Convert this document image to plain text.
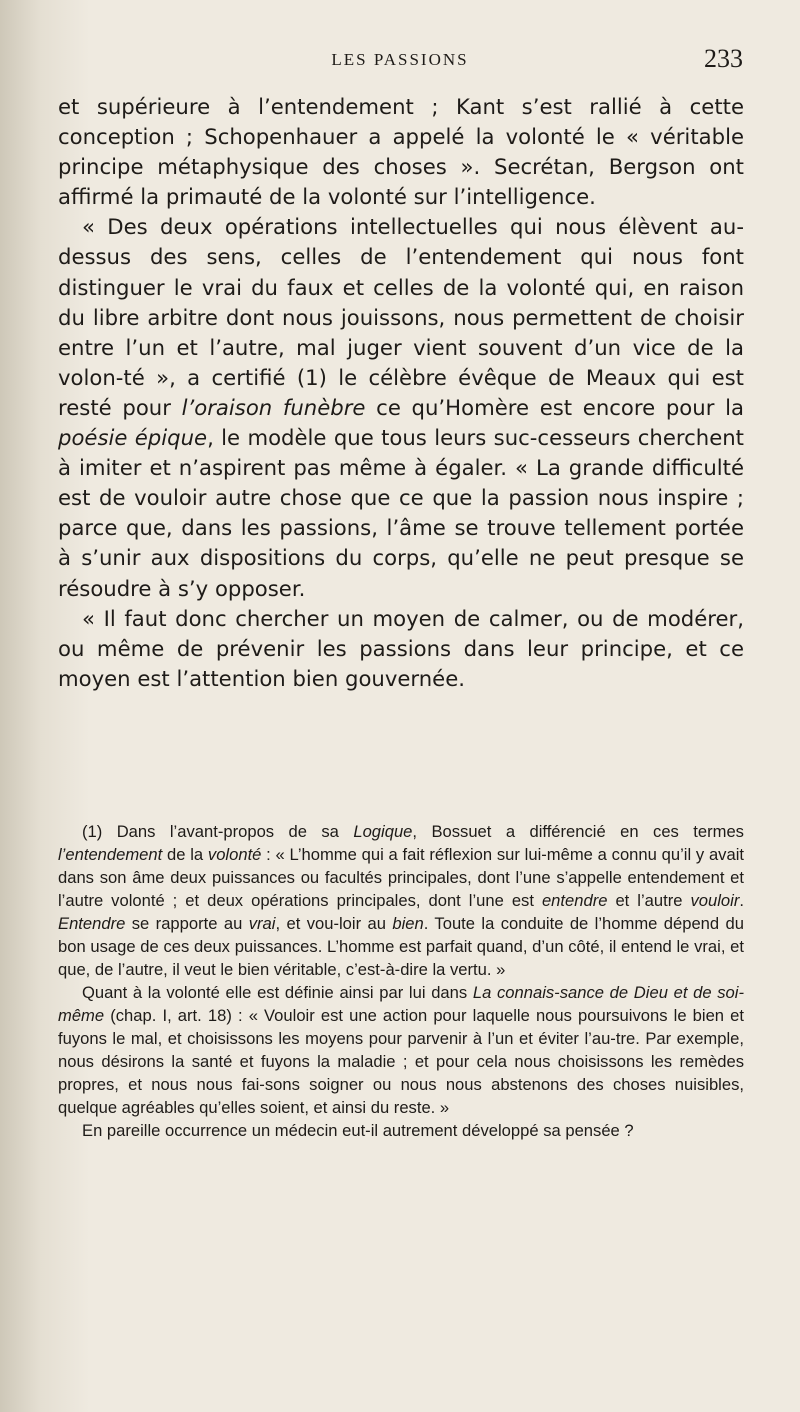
LES PASSIONS	233

et supérieure à l’entendement ; Kant s’est rallié à cette conception ; Schopenhauer a appelé la volonté le « véritable principe métaphysique des choses ». Secrétan, Bergson ont affirmé la primauté de la volonté sur l’intelligence.

« Des deux opérations intellectuelles qui nous élèvent au-dessus des sens, celles de l’entendement qui nous font distinguer le vrai du faux et celles de la volonté qui, en raison du libre arbitre dont nous jouissons, nous permettent de choisir entre l’un et l’autre, mal juger vient souvent d’un vice de la volon-té », a certifié (1) le célèbre évêque de Meaux qui est resté pour l’oraison funèbre ce qu’Homère est encore pour la poésie épique, le modèle que tous leurs suc-cesseurs cherchent à imiter et n’aspirent pas même à égaler. « La grande difficulté est de vouloir autre chose que ce que la passion nous inspire ; parce que, dans les passions, l’âme se trouve tellement portée à s’unir aux dispositions du corps, qu’elle ne peut presque se résoudre à s’y opposer.

« Il faut donc chercher un moyen de calmer, ou de modérer, ou même de prévenir les passions dans leur principe, et ce moyen est l’attention bien gouvernée.

(1) Dans l’avant-propos de sa Logique, Bossuet a différencié en ces termes l’entendement de la volonté : « L’homme qui a fait réflexion sur lui-même a connu qu’il y avait dans son âme deux puissances ou facultés principales, dont l’une s’appelle entendement et l’autre volonté ; et deux opérations principales, dont l’une est entendre et l’autre vouloir. Entendre se rapporte au vrai, et vou-loir au bien. Toute la conduite de l’homme dépend du bon usage de ces deux puissances. L’homme est parfait quand, d’un côté, il entend le vrai, et que, de l’autre, il veut le bien véritable, c’est-à-dire la vertu. »

Quant à la volonté elle est définie ainsi par lui dans La connais-sance de Dieu et de soi-même (chap. I, art. 18) : « Vouloir est une action pour laquelle nous poursuivons le bien et fuyons le mal, et choisissons les moyens pour parvenir à l’un et éviter l’au-tre. Par exemple, nous désirons la santé et fuyons la maladie ; et pour cela nous choisissons les remèdes propres, et nous nous fai-sons soigner ou nous nous abstenons des choses nuisibles, quelque agréables qu’elles soient, et ainsi du reste. »

En pareille occurrence un médecin eut-il autrement développé sa pensée ?
